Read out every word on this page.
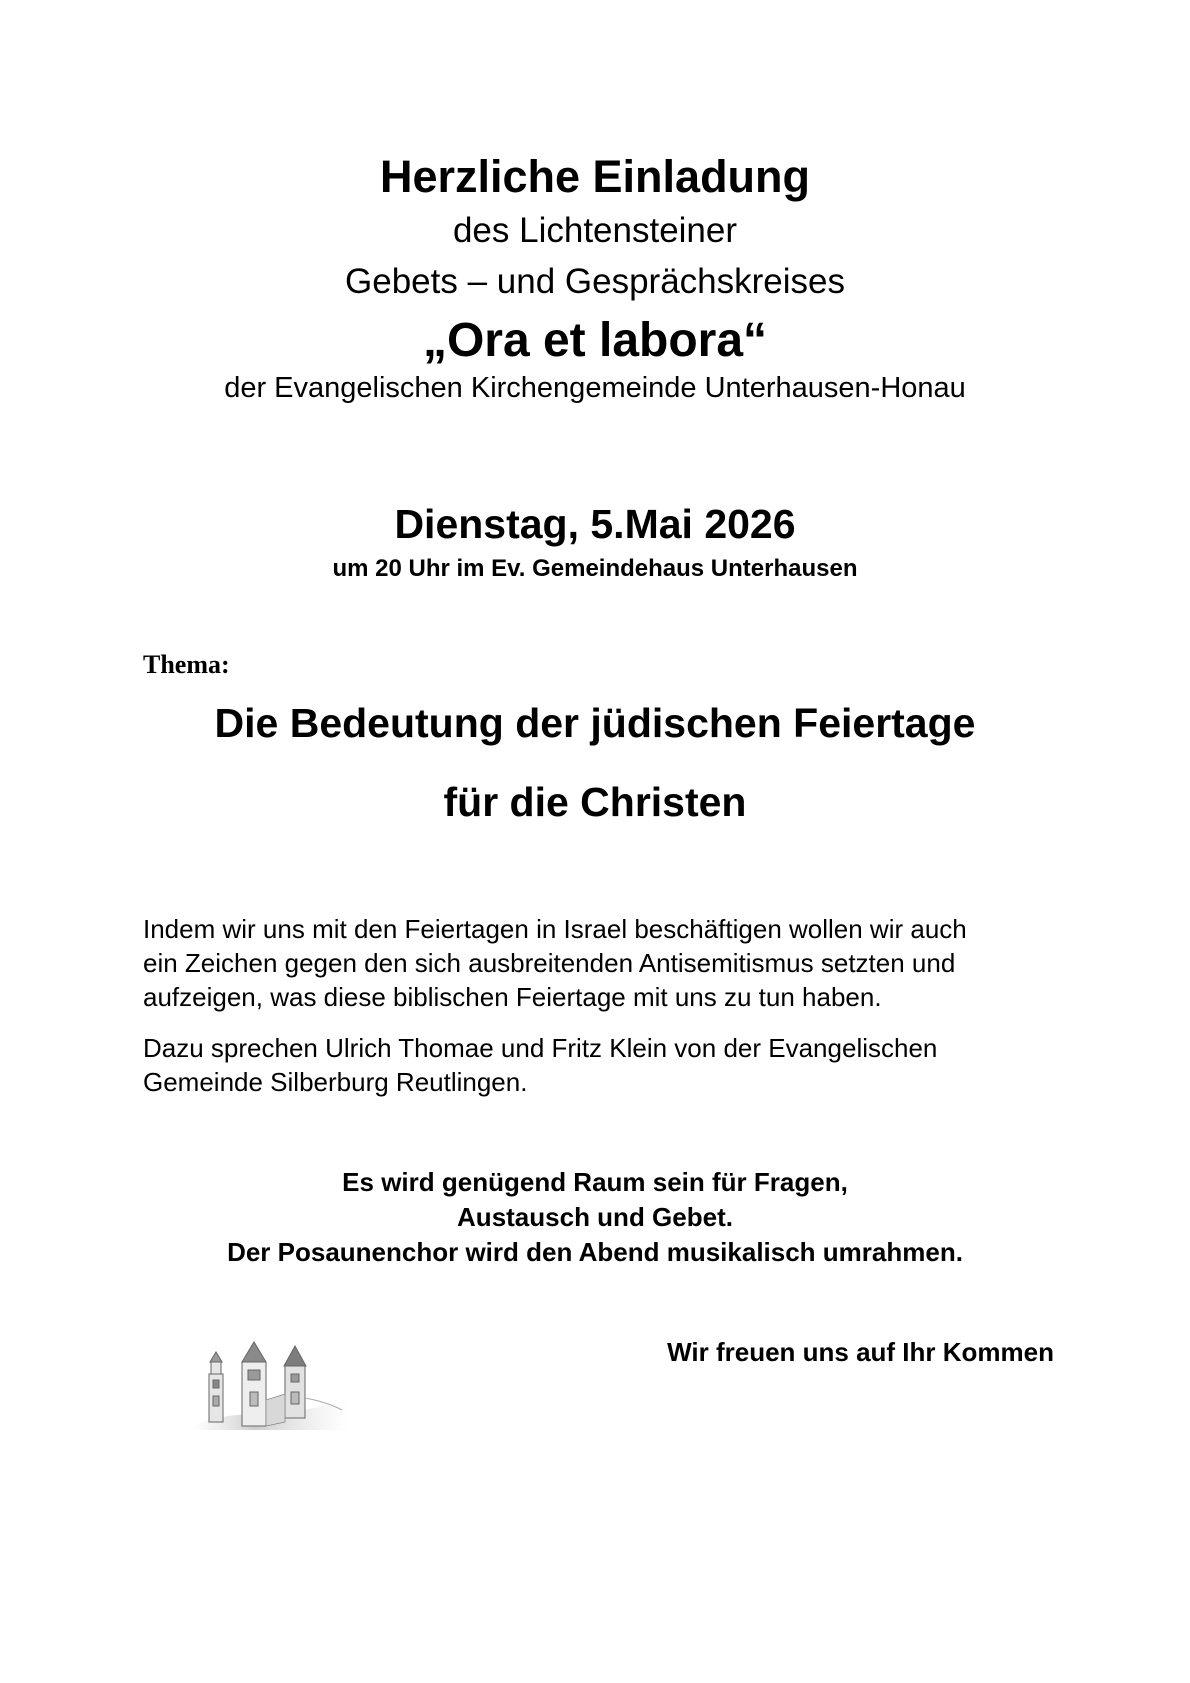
Herzliche Einladung
des Lichtensteiner
Gebets – und Gesprächskreises
„Ora et labora“
der Evangelischen Kirchengemeinde Unterhausen-Honau
Dienstag, 5.Mai 2026
um 20 Uhr im Ev. Gemeindehaus Unterhausen
Thema:
Die Bedeutung der jüdischen Feiertage
für die Christen
Indem wir uns mit den Feiertagen in Israel beschäftigen wollen wir auch
ein Zeichen gegen den sich ausbreitenden Antisemitismus setzten und
aufzeigen, was diese biblischen Feiertage mit uns zu tun haben.
Dazu sprechen Ulrich Thomae und Fritz Klein von der Evangelischen
Gemeinde Silberburg Reutlingen.
Es wird genügend Raum sein für Fragen,
Austausch und Gebet.
Der Posaunenchor wird den Abend musikalisch umrahmen.
Wir freuen uns auf Ihr Kommen
